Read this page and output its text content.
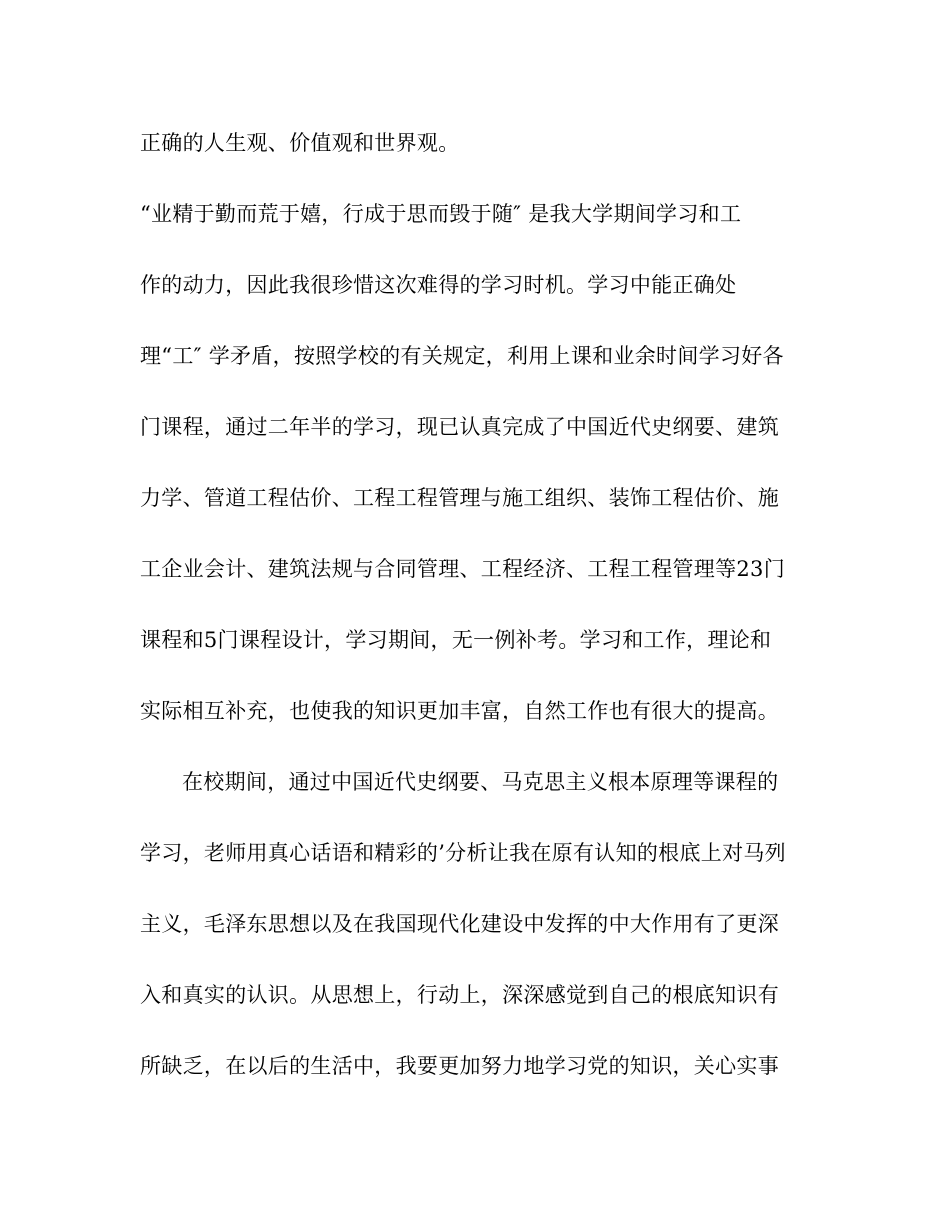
正确的人生观、价值观和世界观。
“业精于勤而荒于嬉，行成于思而毁于随″ 是我大学期间学习和工
作的动力，因此我很珍惜这次难得的学习时机。学习中能正确处
理“工″ 学矛盾，按照学校的有关规定，利用上课和业余时间学习好各
门课程，通过二年半的学习，现已认真完成了中国近代史纲要、建筑
力学、管道工程估价、工程工程管理与施工组织、装饰工程估价、施
工企业会计、建筑法规与合同管理、工程经济、工程工程管理等23门
课程和5门课程设计，学习期间，无一例补考。学习和工作，理论和
实际相互补充，也使我的知识更加丰富，自然工作也有很大的提高。
在校期间，通过中国近代史纲要、马克思主义根本原理等课程的
学习，老师用真心话语和精彩的’分析让我在原有认知的根底上对马列
主义，毛泽东思想以及在我国现代化建设中发挥的中大作用有了更深
入和真实的认识。从思想上，行动上，深深感觉到自己的根底知识有
所缺乏，在以后的生活中，我要更加努力地学习党的知识，关心实事
